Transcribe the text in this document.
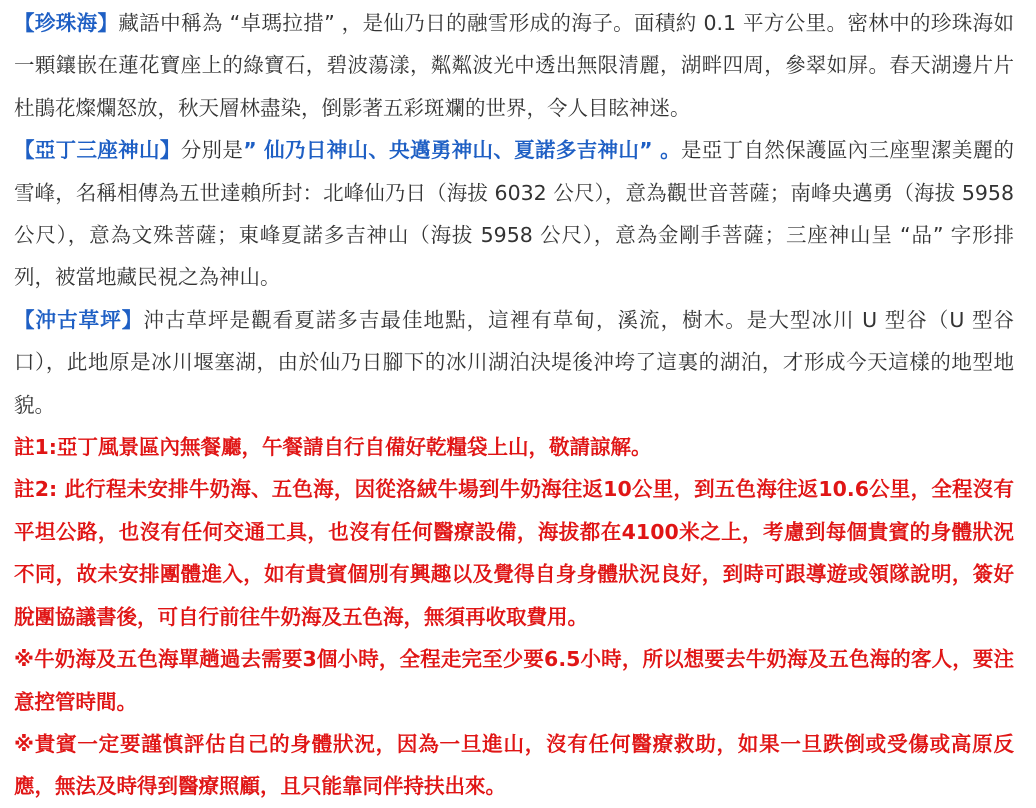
【珍珠海】藏語中稱為 “卓瑪拉措” ，是仙乃日的融雪形成的海子。面積約 0.1 平方公里。密林中的珍珠海如一顆鑲嵌在蓮花寶座上的綠寶石，碧波蕩漾，粼粼波光中透出無限清麗，湖畔四周，參翠如屏。春天湖邊片片杜鵑花燦爛怒放，秋天層林盡染，倒影著五彩斑斕的世界，令人目眩神迷。

【亞丁三座神山】分別是” 仙乃日神山、央邁勇神山、夏諾多吉神山” 。是亞丁自然保護區內三座聖潔美麗的雪峰，名稱相傳為五世達賴所封：北峰仙乃日（海拔 6032 公尺），意為觀世音菩薩；南峰央邁勇（海拔 5958 公尺），意為文殊菩薩；東峰夏諾多吉神山（海拔 5958 公尺），意為金剛手菩薩；三座神山呈 “品” 字形排列，被當地藏民視之為神山。

【沖古草坪】沖古草坪是觀看夏諾多吉最佳地點，這裡有草甸，溪流，樹木。是大型冰川 U 型谷（U 型谷口），此地原是冰川堰塞湖，由於仙乃日腳下的冰川湖泊決堤後沖垮了這裏的湖泊，才形成今天這樣的地型地貌。

註1:亞丁風景區內無餐廳，午餐請自行自備好乾糧袋上山，敬請諒解。

註2: 此行程未安排牛奶海、五色海，因從洛絨牛場到牛奶海往返10公里，到五色海往返10.6公里，全程沒有平坦公路，也沒有任何交通工具，也沒有任何醫療設備，海拔都在4100米之上，考慮到每個貴賓的身體狀況不同，故未安排團體進入，如有貴賓個別有興趣以及覺得自身身體狀況良好，到時可跟導遊或領隊說明，簽好脫團協議書後，可自行前往牛奶海及五色海，無須再收取費用。

※牛奶海及五色海單趟過去需要3個小時，全程走完至少要6.5小時，所以想要去牛奶海及五色海的客人，要注意控管時間。

※貴賓一定要謹慎評估自己的身體狀況，因為一旦進山，沒有任何醫療救助，如果一旦跌倒或受傷或高原反應，無法及時得到醫療照顧，且只能靠同伴持扶出來。
